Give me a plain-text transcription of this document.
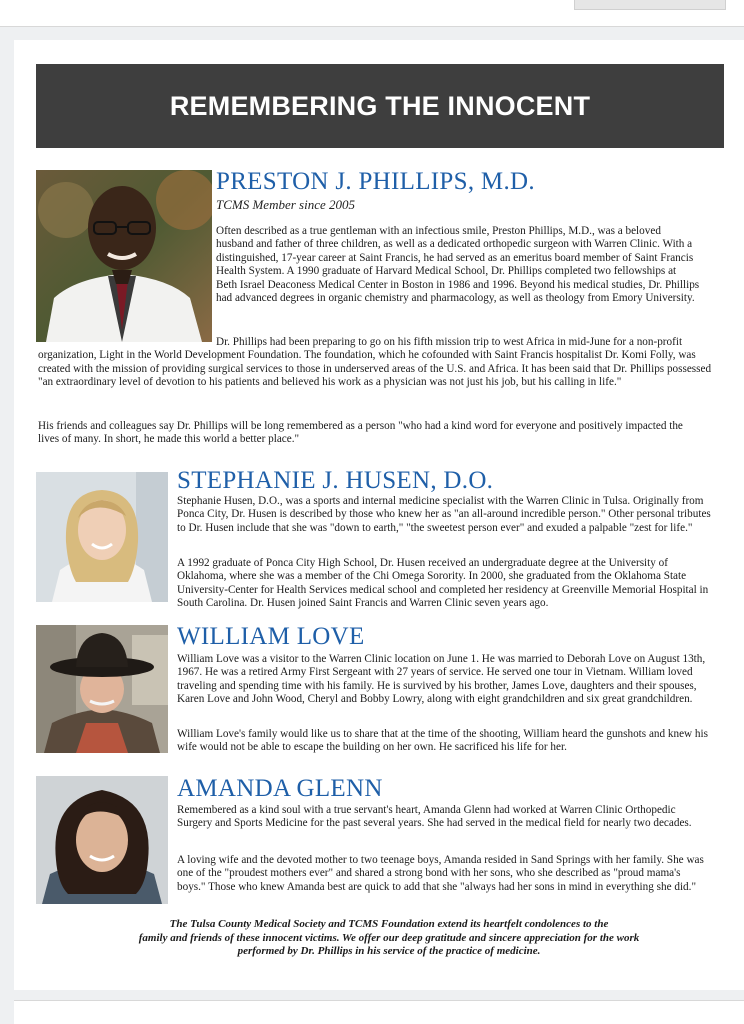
REMEMBERING THE INNOCENT
PRESTON J. PHILLIPS, M.D.
TCMS Member since 2005

Often described as a true gentleman with an infectious smile, Preston Phillips, M.D., was a beloved husband and father of three children, as well as a dedicated orthopedic surgeon with Warren Clinic. With a distinguished, 17-year career at Saint Francis, he had served as an emeritus board member of Saint Francis Health System. A 1990 graduate of Harvard Medical School, Dr. Phillips completed two fellowships at Beth Israel Deaconess Medical Center in Boston in 1986 and 1996. Beyond his medical studies, Dr. Phillips had advanced degrees in organic chemistry and pharmacology, as well as theology from Emory University.

Dr. Phillips had been preparing to go on his fifth mission trip to west Africa in mid-June for a non-profit organization, Light in the World Development Foundation. The foundation, which he cofounded with Saint Francis hospitalist Dr. Komi Folly, was created with the mission of providing surgical services to those in underserved areas of the U.S. and Africa. It has been said that Dr. Phillips possessed "an extraordinary level of devotion to his patients and believed his work as a physician was not just his job, but his calling in life."

His friends and colleagues say Dr. Phillips will be long remembered as a person "who had a kind word for everyone and positively impacted the lives of many. In short, he made this world a better place."

STEPHANIE J. HUSEN, D.O.

Stephanie Husen, D.O., was a sports and internal medicine specialist with the Warren Clinic in Tulsa. Originally from Ponca City, Dr. Husen is described by those who knew her as "an all-around incredible person." Other personal tributes to Dr. Husen include that she was "down to earth," "the sweetest person ever" and exuded a palpable "zest for life."

A 1992 graduate of Ponca City High School, Dr. Husen received an undergraduate degree at the University of Oklahoma, where she was a member of the Chi Omega Sorority. In 2000, she graduated from the Oklahoma State University-Center for Health Services medical school and completed her residency at Greenville Memorial Hospital in South Carolina. Dr. Husen joined Saint Francis and Warren Clinic seven years ago.

WILLIAM LOVE

William Love was a visitor to the Warren Clinic location on June 1. He was married to Deborah Love on August 13th, 1967. He was a retired Army First Sergeant with 27 years of service. He served one tour in Vietnam. William loved traveling and spending time with his family. He is survived by his brother, James Love, daughters and their spouses, Karen Love and John Wood, Cheryl and Bobby Lowry, along with eight grandchildren and six great grandchildren.

William Love's family would like us to share that at the time of the shooting, William heard the gunshots and knew his wife would not be able to escape the building on her own. He sacrificed his life for her.

AMANDA GLENN

Remembered as a kind soul with a true servant's heart, Amanda Glenn had worked at Warren Clinic Orthopedic Surgery and Sports Medicine for the past several years. She had served in the medical field for nearly two decades.

A loving wife and the devoted mother to two teenage boys, Amanda resided in Sand Springs with her family. She was one of the "proudest mothers ever" and shared a strong bond with her sons, who she described as "proud mama's boys." Those who knew Amanda best are quick to add that she "always had her sons in mind in everything she did."

The Tulsa County Medical Society and TCMS Foundation extend its heartfelt condolences to the
family and friends of these innocent victims. We offer our deep gratitude and sincere appreciation for the work
performed by Dr. Phillips in his service of the practice of medicine.
